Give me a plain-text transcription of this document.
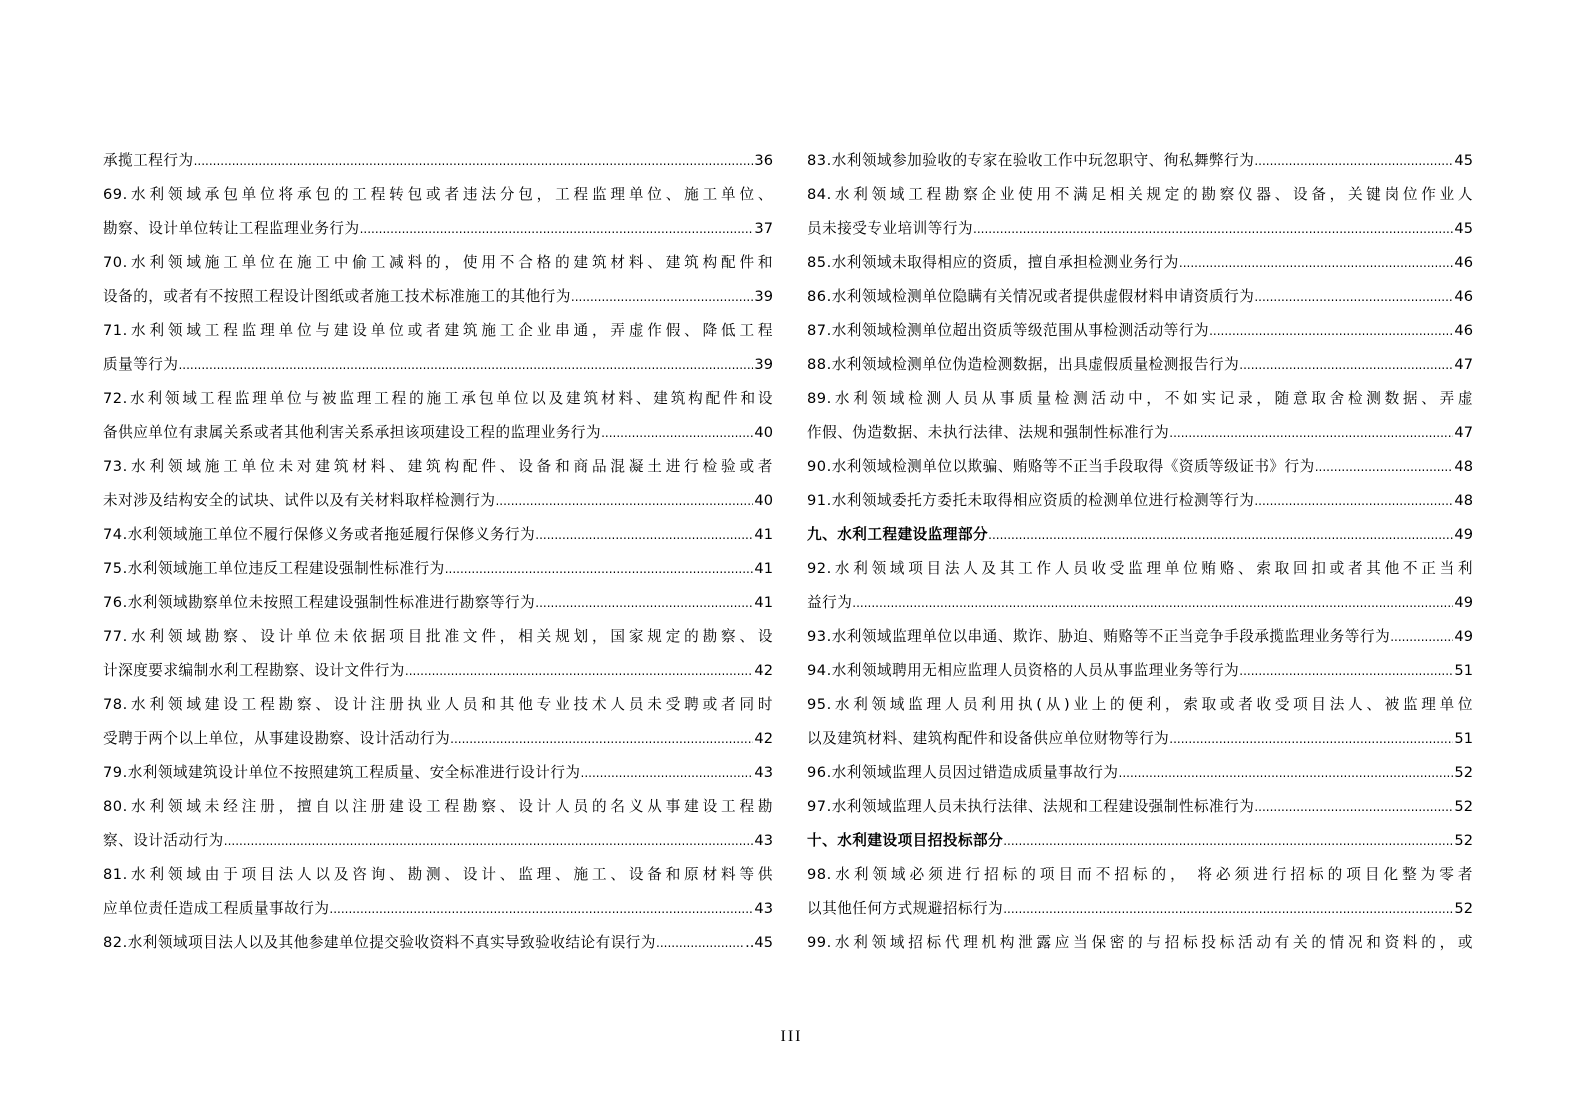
承揽工程行为 .....	36
69.水利领域承包单位将承包的工程转包或者违法分包，工程监理单位、施工单位、
勘察、设计单位转让工程监理业务行为 .....	37
70.水利领域施工单位在施工中偷工减料的，使用不合格的建筑材料、建筑构配件和
设备的，或者有不按照工程设计图纸或者施工技术标准施工的其他行为 .....	39
71.水利领域工程监理单位与建设单位或者建筑施工企业串通，弄虚作假、降低工程
质量等行为 .....	39
72.水利领域工程监理单位与被监理工程的施工承包单位以及建筑材料、建筑构配件和设
备供应单位有隶属关系或者其他利害关系承担该项建设工程的监理业务行为 .....	40
73.水利领域施工单位未对建筑材料、建筑构配件、设备和商品混凝土进行检验或者
未对涉及结构安全的试块、试件以及有关材料取样检测行为 .....	40
74.水利领域施工单位不履行保修义务或者拖延履行保修义务行为 .....	41
75.水利领域施工单位违反工程建设强制性标准行为 .....	41
76.水利领域勘察单位未按照工程建设强制性标准进行勘察等行为 .....	41
77.水利领域勘察、设计单位未依据项目批准文件，相关规划，国家规定的勘察、设
计深度要求编制水利工程勘察、设计文件行为 .....	42
78.水利领域建设工程勘察、设计注册执业人员和其他专业技术人员未受聘或者同时
受聘于两个以上单位，从事建设勘察、设计活动行为 .....	42
79.水利领域建筑设计单位不按照建筑工程质量、安全标准进行设计行为 .....	43
80.水利领域未经注册，擅自以注册建设工程勘察、设计人员的名义从事建设工程勘
察、设计活动行为 .....	43
81.水利领域由于项目法人以及咨询、勘测、设计、监理、施工、设备和原材料等供
应单位责任造成工程质量事故行为 .....	43
82.水利领域项目法人以及其他参建单位提交验收资料不真实导致验收结论有误行为 .....	..45
83.水利领域参加验收的专家在验收工作中玩忽职守、徇私舞弊行为 .....	45
84.水利领域工程勘察企业使用不满足相关规定的勘察仪器、设备，关键岗位作业人
员未接受专业培训等行为 .....	45
85.水利领域未取得相应的资质，擅自承担检测业务行为 .....	46
86.水利领域检测单位隐瞒有关情况或者提供虚假材料申请资质行为 .....	46
87.水利领域检测单位超出资质等级范围从事检测活动等行为 .....	46
88.水利领域检测单位伪造检测数据，出具虚假质量检测报告行为 .....	47
89.水利领域检测人员从事质量检测活动中，不如实记录，随意取舍检测数据、弄虚
作假、伪造数据、未执行法律、法规和强制性标准行为 .....	47
90.水利领域检测单位以欺骗、贿赂等不正当手段取得《资质等级证书》行为 .....	48
91.水利领域委托方委托未取得相应资质的检测单位进行检测等行为 .....	48
九、水利工程建设监理部分 .....	49
92.水利领域项目法人及其工作人员收受监理单位贿赂、索取回扣或者其他不正当利
益行为 .....	49
93.水利领域监理单位以串通、欺诈、胁迫、贿赂等不正当竞争手段承揽监理业务等行为 .....	49
94.水利领域聘用无相应监理人员资格的人员从事监理业务等行为 .....	51
95.水利领域监理人员利用执(从)业上的便利，索取或者收受项目法人、被监理单位
以及建筑材料、建筑构配件和设备供应单位财物等行为 .....	51
96.水利领域监理人员因过错造成质量事故行为 .....	52
97.水利领域监理人员未执行法律、法规和工程建设强制性标准行为 .....	52
十、水利建设项目招投标部分 .....	52
98.水利领域必须进行招标的项目而不招标的， 将必须进行招标的项目化整为零者
以其他任何方式规避招标行为 .....	52
99.水利领域招标代理机构泄露应当保密的与招标投标活动有关的情况和资料的，或
III
